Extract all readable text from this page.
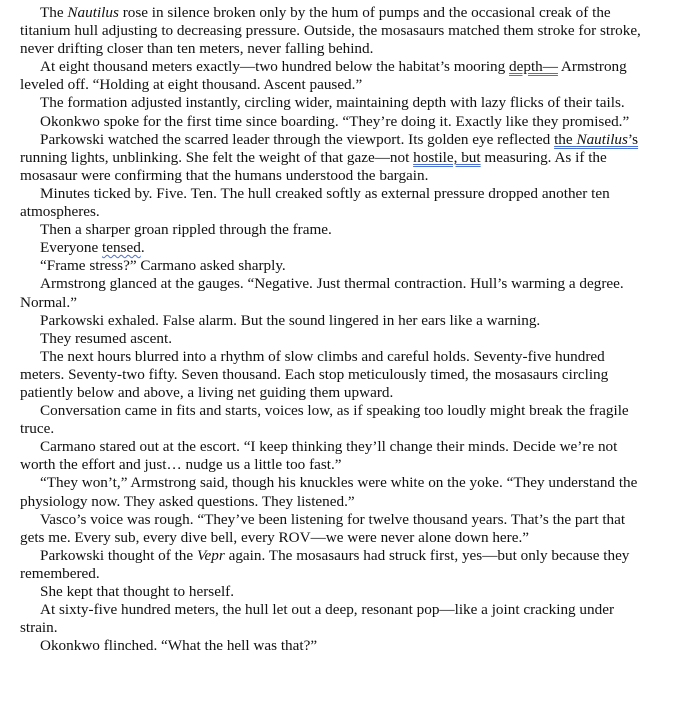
The Nautilus rose in silence broken only by the hum of pumps and the occasional creak of the titanium hull adjusting to decreasing pressure. Outside, the mosasaurs matched them stroke for stroke, never drifting closer than ten meters, never falling behind.

At eight thousand meters exactly—two hundred below the habitat’s mooring depth— Armstrong leveled off. “Holding at eight thousand. Ascent paused.”

The formation adjusted instantly, circling wider, maintaining depth with lazy flicks of their tails.

Okonkwo spoke for the first time since boarding. “They’re doing it. Exactly like they promised.”

Parkowski watched the scarred leader through the viewport. Its golden eye reflected the Nautilus’s running lights, unblinking. She felt the weight of that gaze—not hostile, but measuring. As if the mosasaur were confirming that the humans understood the bargain.

Minutes ticked by. Five. Ten. The hull creaked softly as external pressure dropped another ten atmospheres.

Then a sharper groan rippled through the frame.

Everyone tensed.

“Frame stress?” Carmano asked sharply.

Armstrong glanced at the gauges. “Negative. Just thermal contraction. Hull’s warming a degree. Normal.”

Parkowski exhaled. False alarm. But the sound lingered in her ears like a warning.

They resumed ascent.

The next hours blurred into a rhythm of slow climbs and careful holds. Seventy-five hundred meters. Seventy-two fifty. Seven thousand. Each stop meticulously timed, the mosasaurs circling patiently below and above, a living net guiding them upward.

Conversation came in fits and starts, voices low, as if speaking too loudly might break the fragile truce.

Carmano stared out at the escort. “I keep thinking they’ll change their minds. Decide we’re not worth the effort and just… nudge us a little too fast.”

“They won’t,” Armstrong said, though his knuckles were white on the yoke. “They understand the physiology now. They asked questions. They listened.”

Vasco’s voice was rough. “They’ve been listening for twelve thousand years. That’s the part that gets me. Every sub, every dive bell, every ROV—we were never alone down here.”

Parkowski thought of the Vepr again. The mosasaurs had struck first, yes—but only because they remembered.

She kept that thought to herself.

At sixty-five hundred meters, the hull let out a deep, resonant pop—like a joint cracking under strain.

Okonkwo flinched. “What the hell was that?”
